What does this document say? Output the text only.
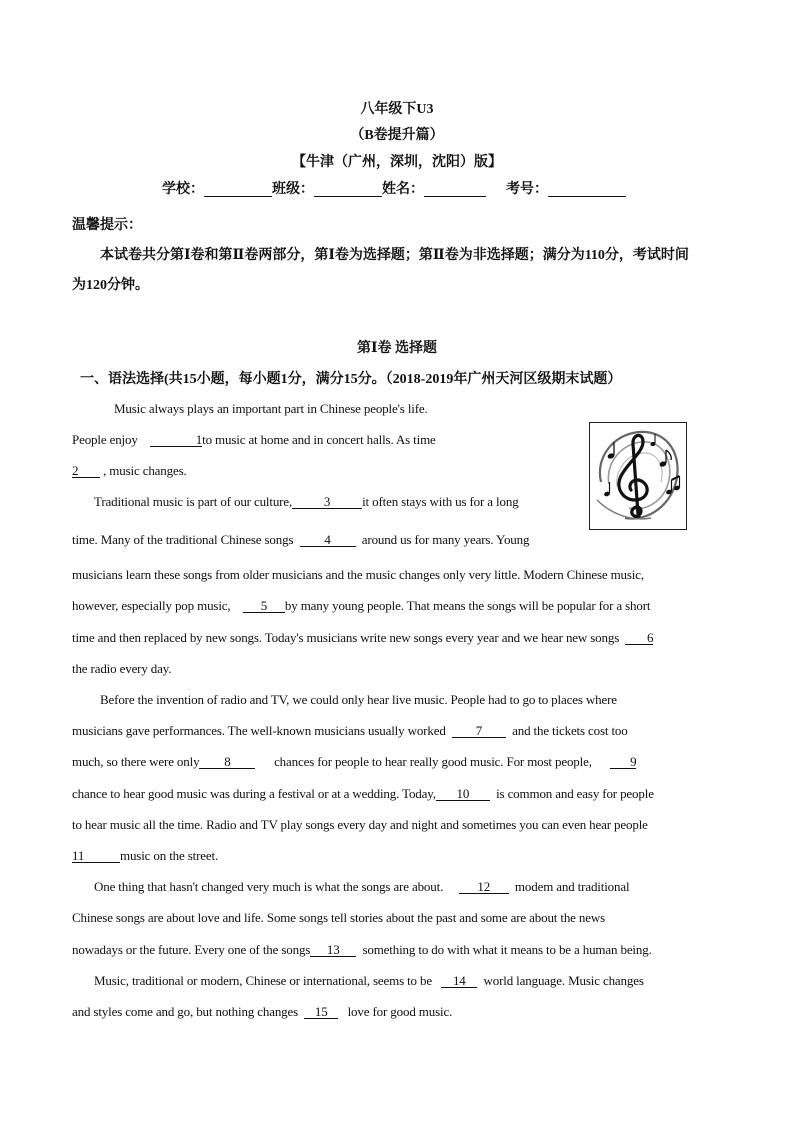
八年级下U3
（B卷提升篇）
【牛津（广州，深圳，沈阳）版】
学校：	班级：	姓名：	考号：
温馨提示：
本试卷共分第Ⅰ卷和第Ⅱ卷两部分，第Ⅰ卷为选择题；第Ⅱ卷为非选择题；满分为110分，考试时间
为120分钟。
第Ⅰ卷 选择题
一、语法选择(共15小题，每小题1分，满分15分。（2018-2019年广州天河区级期末试题）
Music always plays an important part in Chinese people's life.
People enjoy	1to music at home and in concert halls. As time
2 , music changes.
Traditional music is part of our culture, 3 it often stays with us for a long
time. Many of the traditional Chinese songs 4 around us for many years. Young
musicians learn these songs from older musicians and the music changes only very little. Modern Chinese music,
however, especially pop music, 5 by many young people. That means the songs will be popular for a short
time and then replaced by new songs. Today's musicians write new songs every year and we hear new songs 6
the radio every day.
Before the invention of radio and TV, we could only hear live music. People had to go to places where
musicians gave performances. The well-known musicians usually worked 7 and the tickets cost too
much, so there were only 8	chances for people to hear really good music. For most people,	9
chance to hear good music was during a festival or at a wedding. Today, 10 is common and easy for people
to hear music all the time. Radio and TV play songs every day and night and sometimes you can even hear people
11	music on the street.
One thing that hasn't changed very much is what the songs are about.	12 modem and traditional
Chinese songs are about love and life. Some songs tell stories about the past and some are about the news
nowadays or the future. Every one of the songs 13 something to do with what it means to be a human being.
Music, traditional or modern, Chinese or international, seems to be 14 world language. Music changes
and styles come and go, but nothing changes 15 love for good music.
